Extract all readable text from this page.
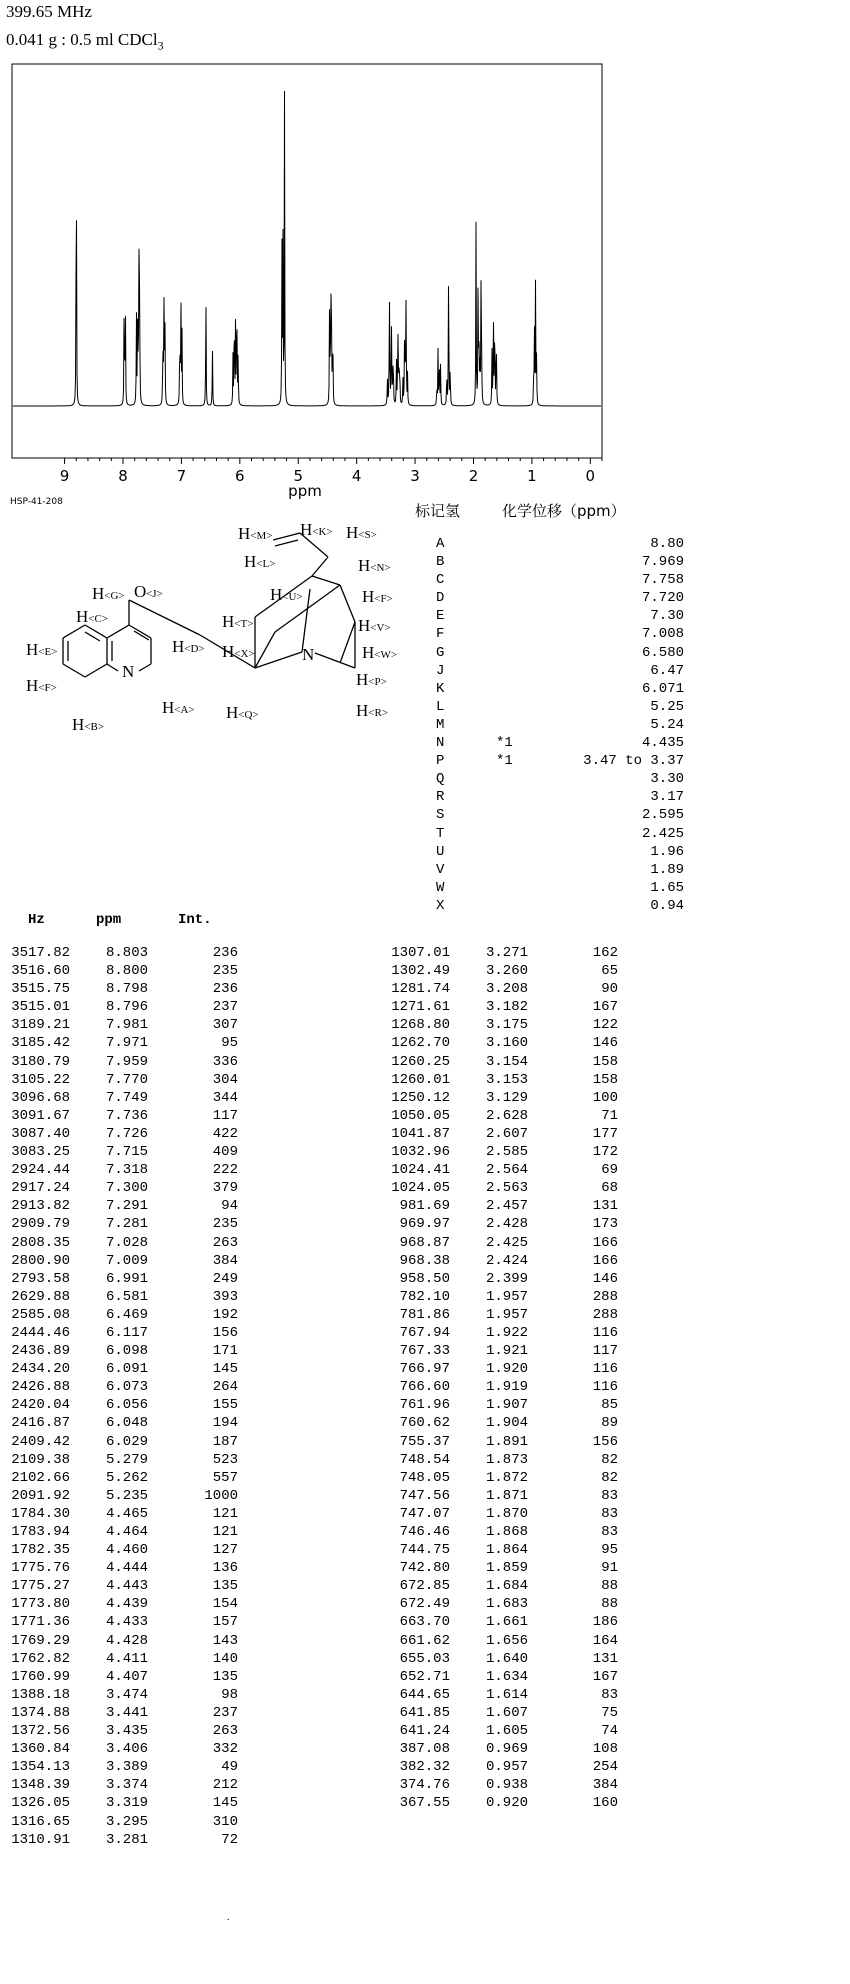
399.65 MHz
0.041 g : 0.5 ml CDCl$_3$
9	8	7	6	5	4	3	2	1	0
ppm
HSP-41-208
N
N
O <J>
H<M> H<K> H<S>
H<L>	H<N>
H<U>	H<F>
H<G>
H<T>	H<V>
H<C>
H<X>	H<W>
H<E>	H<D>
H<P>
H<R>
H<F>
H<Q>
H<A>
H<B>
标记氢	化学位移（ppm）
A	8.80
B	7.969
C	7.758
D	7.720
E	7.30
F	7.008
G	6.580
J	6.47
K	6.071
L	5.25
M	5.24
N	*1	4.435
P	*1	3.47 to 3.37
Q	3.30
R	3.17
S	2.595
T	2.425
U	1.96
V	1.89
W	1.65
X	0.94
Hz	ppm	Int.
3517.82	8.803	236
3516.60	8.800	235
3515.75	8.798	236
3515.01	8.796	237
3189.21	7.981	307
3185.42	7.971	95
3180.79	7.959	336
3105.22	7.770	304
3096.68	7.749	344
3091.67	7.736	117
3087.40	7.726	422
3083.25	7.715	409
2924.44	7.318	222
2917.24	7.300	379
2913.82	7.291	94
2909.79	7.281	235
2808.35	7.028	263
2800.90	7.009	384
2793.58	6.991	249
2629.88	6.581	393
2585.08	6.469	192
2444.46	6.117	156
2436.89	6.098	171
2434.20	6.091	145
2426.88	6.073	264
2420.04	6.056	155
2416.87	6.048	194
2409.42	6.029	187
2109.38	5.279	523
2102.66	5.262	557
2091.92	5.235	1000
1784.30	4.465	121
1783.94	4.464	121
1782.35	4.460	127
1775.76	4.444	136
1775.27	4.443	135
1773.80	4.439	154
1771.36	4.433	157
1769.29	4.428	143
1762.82	4.411	140
1760.99	4.407	135
1388.18	3.474	98
1374.88	3.441	237
1372.56	3.435	263
1360.84	3.406	332
1354.13	3.389	49
1348.39	3.374	212
1326.05	3.319	145
1316.65	3.295	310
1310.91	3.281	72
1307.01	3.271	162
1302.49	3.260	65
1281.74	3.208	90
1271.61	3.182	167
1268.80	3.175	122
1262.70	3.160	146
1260.25	3.154	158
1260.01	3.153	158
1250.12	3.129	100
1050.05	2.628	71
1041.87	2.607	177
1032.96	2.585	172
1024.41	2.564	69
1024.05	2.563	68
981.69	2.457	131
969.97	2.428	173
968.87	2.425	166
968.38	2.424	166
958.50	2.399	146
782.10	1.957	288
781.86	1.957	288
767.94	1.922	116
767.33	1.921	117
766.97	1.920	116
766.60	1.919	116
761.96	1.907	85
760.62	1.904	89
755.37	1.891	156
748.54	1.873	82
748.05	1.872	82
747.56	1.871	83
747.07	1.870	83
746.46	1.868	83
744.75	1.864	95
742.80	1.859	91
672.85	1.684	88
672.49	1.683	88
663.70	1.661	186
661.62	1.656	164
655.03	1.640	131
652.71	1.634	167
644.65	1.614	83
641.85	1.607	75
641.24	1.605	74
387.08	0.969	108
382.32	0.957	254
374.76	0.938	384
367.55	0.920	160
.
